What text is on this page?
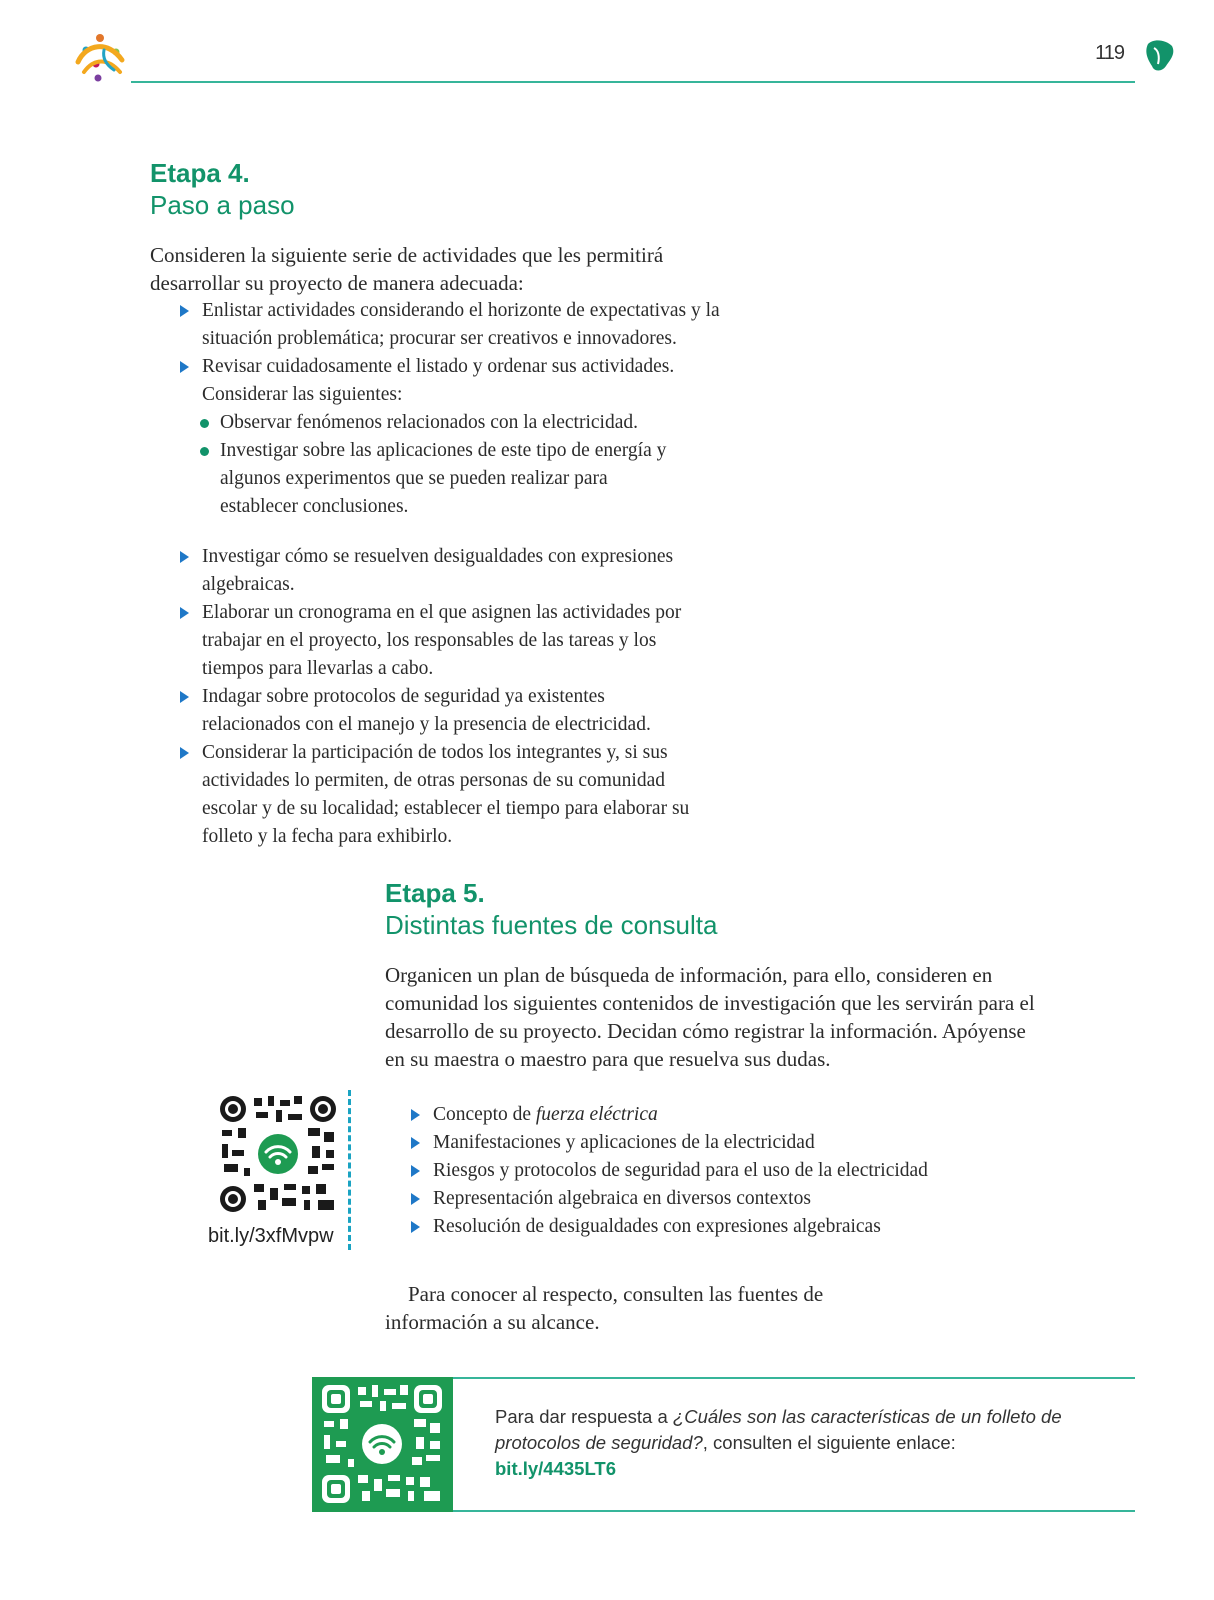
119
Etapa 4.
Paso a paso
Consideren la siguiente serie de actividades que les permitirá desarrollar su proyecto de manera adecuada:
Enlistar actividades considerando el horizonte de expectativas y la situación problemática; procurar ser creativos e innovadores.
Revisar cuidadosamente el listado y ordenar sus actividades. Considerar las siguientes:
Observar fenómenos relacionados con la electricidad.
Investigar sobre las aplicaciones de este tipo de energía y algunos experimentos que se pueden realizar para establecer conclusiones.
Investigar cómo se resuelven desigualdades con expresiones algebraicas.
Elaborar un cronograma en el que asignen las actividades por trabajar en el proyecto, los responsables de las tareas y los tiempos para llevarlas a cabo.
Indagar sobre protocolos de seguridad ya existentes relacionados con el manejo y la presencia de electricidad.
Considerar la participación de todos los integrantes y, si sus actividades lo permiten, de otras personas de su comunidad escolar y de su localidad; establecer el tiempo para elaborar su folleto y la fecha para exhibirlo.
Etapa 5.
Distintas fuentes de consulta
Organicen un plan de búsqueda de información, para ello, consideren en comunidad los siguientes contenidos de investigación que les servirán para el desarrollo de su proyecto. Decidan cómo registrar la información. Apóyense en su maestra o maestro para que resuelva sus dudas.
Concepto de fuerza eléctrica
Manifestaciones y aplicaciones de la electricidad
Riesgos y protocolos de seguridad para el uso de la electricidad
Representación algebraica en diversos contextos
Resolución de desigualdades con expresiones algebraicas
Para conocer al respecto, consulten las fuentes de información a su alcance.
bit.ly/3xfMvpw
Para dar respuesta a ¿Cuáles son las características de un folleto de protocolos de seguridad?, consulten el siguiente enlace:
bit.ly/4435LT6
